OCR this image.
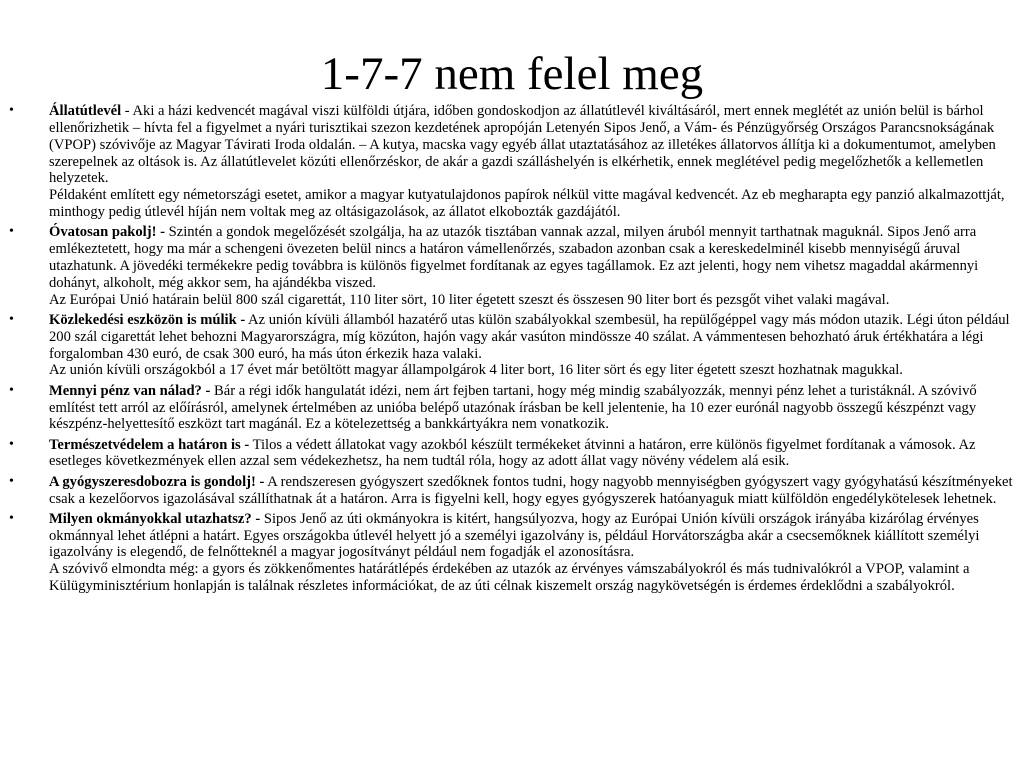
1-7-7 nem felel meg
• Állatútlevél - Aki a házi kedvencét magával viszi külföldi útjára, időben gondoskodjon az állatútlevél kiváltásáról, mert ennek meglétét az unión belül is bárhol ellenőrizhetik – hívta fel a figyelmet a nyári turisztikai szezon kezdetének apropóján Letenyén Sipos Jenő, a Vám- és Pénzügyőrség Országos Parancsnokságának (VPOP) szóvivője az Magyar Távirati Iroda oldalán. – A kutya, macska vagy egyéb állat utaztatásához az illetékes állatorvos állítja ki a dokumentumot, amelyben szerepelnek az oltások is. Az állatútlevelet közúti ellenőrzéskor, de akár a gazdi szálláshelyén is elkérhetik, ennek meglétével pedig megelőzhetők a kellemetlen helyzetek.
Példaként említett egy németországi esetet, amikor a magyar kutyatulajdonos papírok nélkül vitte magával kedvencét. Az eb megharapta egy panzió alkalmazottját, minthogy pedig útlevél híján nem voltak meg az oltásigazolások, az állatot elkobozták gazdájától.
• Óvatosan pakolj! - Szintén a gondok megelőzését szolgálja, ha az utazók tisztában vannak azzal, milyen áruból mennyit tarthatnak maguknál. Sipos Jenő arra emlékeztetett, hogy ma már a schengeni övezeten belül nincs a határon vámellenőrzés, szabadon azonban csak a kereskedelminél kisebb mennyiségű áruval utazhatunk. A jövedéki termékekre pedig továbbra is különös figyelmet fordítanak az egyes tagállamok. Ez azt jelenti, hogy nem vihetsz magaddal akármennyi dohányt, alkoholt, még akkor sem, ha ajándékba viszed.
Az Európai Unió határain belül 800 szál cigarettát, 110 liter sört, 10 liter égetett szeszt és összesen 90 liter bort és pezsgőt vihet valaki magával.
• Közlekedési eszközön is múlik - Az unión kívüli államból hazatérő utas külön szabályokkal szembesül, ha repülőgéppel vagy más módon utazik. Légi úton például 200 szál cigarettát lehet behozni Magyarországra, míg közúton, hajón vagy akár vasúton mindössze 40 szálat. A vámmentesen behozható áruk értékhatára a légi forgalomban 430 euró, de csak 300 euró, ha más úton érkezik haza valaki.
Az unión kívüli országokból a 17 évet már betöltött magyar állampolgárok 4 liter bort, 16 liter sört és egy liter égetett szeszt hozhatnak magukkal.
• Mennyi pénz van nálad? - Bár a régi idők hangulatát idézi, nem árt fejben tartani, hogy még mindig szabályozzák, mennyi pénz lehet a turistáknál. A szóvivő említést tett arról az előírásról, amelynek értelmében az unióba belépő utazónak írásban be kell jelentenie, ha 10 ezer eurónál nagyobb összegű készpénzt vagy készpénz-helyettesítő eszközt tart magánál. Ez a kötelezettség a bankkártyákra nem vonatkozik.
• Természetvédelem a határon is - Tilos a védett állatokat vagy azokból készült termékeket átvinni a határon, erre különös figyelmet fordítanak a vámosok. Az esetleges következmények ellen azzal sem védekezhetsz, ha nem tudtál róla, hogy az adott állat vagy növény védelem alá esik.
• A gyógyszeresdobozra is gondolj! - A rendszeresen gyógyszert szedőknek fontos tudni, hogy nagyobb mennyiségben gyógyszert vagy gyógyhatású készítményeket csak a kezelőorvos igazolásával szállíthatnak át a határon. Arra is figyelni kell, hogy egyes gyógyszerek hatóanyaguk miatt külföldön engedélykötelesek lehetnek.
• Milyen okmányokkal utazhatsz? - Sipos Jenő az úti okmányokra is kitért, hangsúlyozva, hogy az Európai Unión kívüli országok irányába kizárólag érvényes okmánnyal lehet átlépni a határt. Egyes országokba útlevél helyett jó a személyi igazolvány is, például Horvátországba akár a csecsemőknek kiállított személyi igazolvány is elegendő, de felnőtteknél a magyar jogosítványt például nem fogadják el azonosításra.
A szóvivő elmondta még: a gyors és zökkenőmentes határátlépés érdekében az utazók az érvényes vámszabályokról és más tudnivalókról a VPOP, valamint a Külügyminisztérium honlapján is találnak részletes információkat, de az úti célnak kiszemelt ország nagykövetségén is érdemes érdeklődni a szabályokról.
